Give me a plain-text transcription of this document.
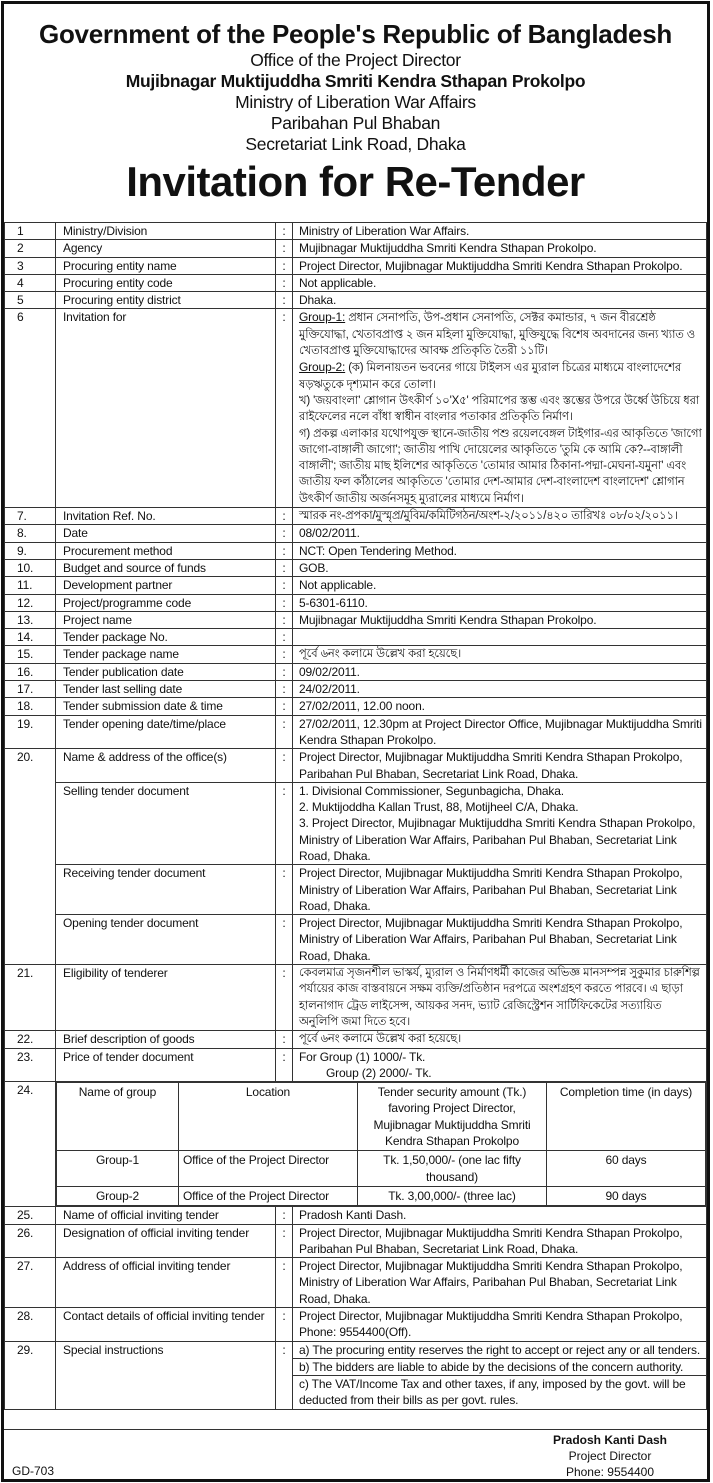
Government of the People's Republic of Bangladesh
Office of the Project Director
Mujibnagar Muktijuddha Smriti Kendra Sthapan Prokolpo
Ministry of Liberation War Affairs
Paribahan Pul Bhaban
Secretariat Link Road, Dhaka
Invitation for Re-Tender
1	Ministry/Division	:	Ministry of Liberation War Affairs.

2	Agency	:	Mujibnagar Muktijuddha Smriti Kendra Sthapan Prokolpo.

3	Procuring entity name	:	Project Director, Mujibnagar Muktijuddha Smriti Kendra Sthapan Prokolpo.

4	Procuring entity code	:	Not applicable.

5	Procuring entity district	:	Dhaka.

6	Invitation for	:	Group-1: প্রধান সেনাপতি, উপ-প্রধান সেনাপতি, সেক্টর কমান্ডার, ৭ জন বীরশ্রেষ্ঠ মুক্তিযোদ্ধা, খেতাবপ্রাপ্ত ২ জন মহিলা মুক্তিযোদ্ধা, মুক্তিযুদ্ধে বিশেষ অবদানের জন্য খ্যাত ও খেতাবপ্রাপ্ত মুক্তিযোদ্ধাদের আবক্ষ প্রতিকৃতি তৈরী ১১টি।
Group-2: (ক) মিলনায়তন ভবনের গায়ে টাইলস এর ম্যুরাল চিত্রের মাধ্যমে বাংলাদেশের ষড়ঋতুকে দৃশ্যমান করে তোলা।
খ) 'জয়বাংলা' শ্লোগান উৎকীর্ণ ১০'X৫' পরিমাপের স্তম্ভ এবং স্তম্ভের উপরে উর্ধ্বে উচিয়ে ধরা রাইফেলের নলে বাঁধা স্বাধীন বাংলার পতাকার প্রতিকৃতি নির্মাণ।
গ) প্রকল্প এলাকার যথোপযুক্ত স্থানে-জাতীয় পশু রয়েলবেঙ্গল টাইগার-এর আকৃতিতে 'জাগো জাগো-বাঙ্গালী জাগো'; জাতীয় পাখি দোয়েলের আকৃতিতে 'তুমি কে আমি কে?--বাঙ্গালী বাঙ্গালী'; জাতীয় মাছ ইলিশের আকৃতিতে 'তোমার আমার ঠিকানা-পদ্মা-মেঘনা-যমুনা' এবং জাতীয় ফল কাঁঠালের আকৃতিতে 'তোমার দেশ-আমার দেশ-বাংলাদেশ বাংলাদেশ' শ্লোগান উৎকীর্ণ জাতীয় অর্জনসমূহ ম্যুরালের মাধ্যমে নির্মাণ।

7.	Invitation Ref. No.	:	স্মারক নং-প্রপকা/মুস্মৃপ্র/মুবিম/কমিটিগঠন/অংশ-২/২০১১/৪২০ তারিখঃ ০৮/০২/২০১১।

8.	Date	:	08/02/2011.

9.	Procurement method	:	NCT: Open Tendering Method.

10.	Budget and source of funds	:	GOB.

11.	Development partner	:	Not applicable.

12.	Project/programme code	:	5-6301-6110.

13.	Project name	:	Mujibnagar Muktijuddha Smriti Kendra Sthapan Prokolpo.

14.	Tender package No.	:	

15.	Tender package name	:	পূর্বে ৬নং কলামে উল্লেখ করা হয়েছে।

16.	Tender publication date	:	09/02/2011.

17.	Tender last selling date	:	24/02/2011.

18.	Tender submission date & time	:	27/02/2011, 12.00 noon.

19.	Tender opening date/time/place	:	27/02/2011, 12.30pm at Project Director Office, Mujibnagar Muktijuddha Smriti Kendra Sthapan Prokolpo.

20.	Name & address of the office(s)	:	Project Director, Mujibnagar Muktijuddha Smriti Kendra Sthapan Prokolpo, Paribahan Pul Bhaban, Secretariat Link Road, Dhaka.

Selling tender document	:	1. Divisional Commissioner, Segunbagicha, Dhaka.
2. Muktijoddha Kallan Trust, 88, Motijheel C/A, Dhaka.
3. Project Director, Mujibnagar Muktijuddha Smriti Kendra Sthapan Prokolpo, Ministry of Liberation War Affairs, Paribahan Pul Bhaban, Secretariat Link Road, Dhaka.

Receiving tender document	:	Project Director, Mujibnagar Muktijuddha Smriti Kendra Sthapan Prokolpo, Ministry of Liberation War Affairs, Paribahan Pul Bhaban, Secretariat Link Road, Dhaka.

Opening tender document	:	Project Director, Mujibnagar Muktijuddha Smriti Kendra Sthapan Prokolpo, Ministry of Liberation War Affairs, Paribahan Pul Bhaban, Secretariat Link Road, Dhaka.

21.	Eligibility of tenderer	:	কেবলমাত্র সৃজনশীল ভাস্কর্য, ম্যুরাল ও নির্মাণধর্মী কাজের অভিজ্ঞ মানসম্পন্ন সুকুমার চারুশিল্প পর্যায়ের কাজ বাস্তবায়নে সক্ষম ব্যক্তি/প্রতিষ্ঠান দরপত্রে অংশগ্রহণ করতে পারবে। এ ছাড়া হালনাগাদ ট্রেড লাইসেন্স, আয়কর সনদ, ভ্যাট রেজিস্ট্রেশন সার্টিফিকেটের সত্যায়িত অনুলিপি জমা দিতে হবে।

22.	Brief description of goods	:	পূর্বে ৬নং কলামে উল্লেখ করা হয়েছে।

23.	Price of tender document	:	For Group (1) 1000/- Tk.
Group (2) 2000/- Tk.

24.		Name of group	Location	Tender security amount (Tk.) favoring Project Director, Mujibnagar Muktijuddha Smriti Kendra Sthapan Prokolpo	Completion time (in days)
Group-1	Office of the Project Director	Tk. 1,50,000/- (one lac fifty thousand)	60 days
Group-2	Office of the Project Director	Tk. 3,00,000/- (three lac)	90 days

25.	Name of official inviting tender	:	Pradosh Kanti Dash.

26.	Designation of official inviting tender	:	Project Director, Mujibnagar Muktijuddha Smriti Kendra Sthapan Prokolpo, Paribahan Pul Bhaban, Secretariat Link Road, Dhaka.

27.	Address of official inviting tender	:	Project Director, Mujibnagar Muktijuddha Smriti Kendra Sthapan Prokolpo, Ministry of Liberation War Affairs, Paribahan Pul Bhaban, Secretariat Link Road, Dhaka.

28.	Contact details of official inviting tender	:	Project Director, Mujibnagar Muktijuddha Smriti Kendra Sthapan Prokolpo, Phone: 9554400(Off).

29.	Special instructions	:	a) The procuring entity reserves the right to accept or reject any or all tenders.
b) The bidders are liable to abide by the decisions of the concern authority.
c) The VAT/Income Tax and other taxes, if any, imposed by the govt. will be deducted from their bills as per govt. rules.
Pradosh Kanti Dash
Project Director
Phone: 9554400
GD-703
